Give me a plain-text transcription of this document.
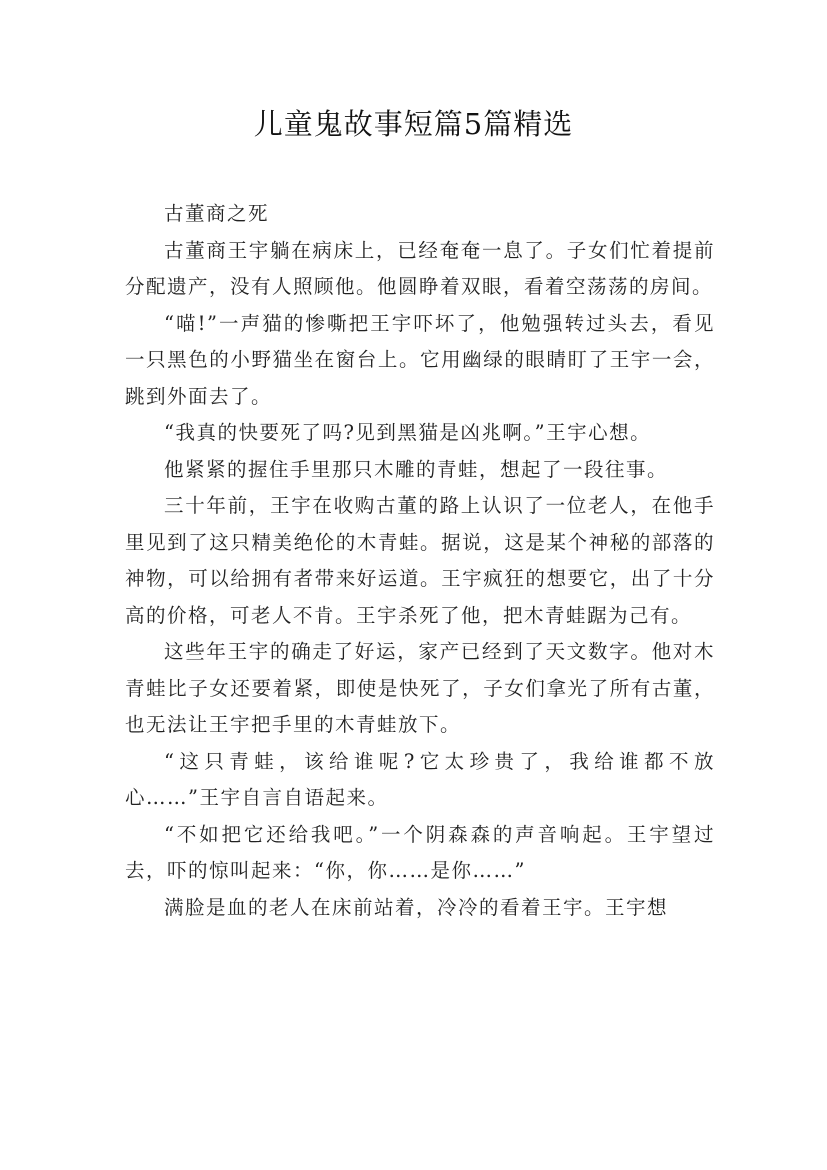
儿童鬼故事短篇5篇精选

古董商之死

古董商王宇躺在病床上，已经奄奄一息了。子女们忙着提前分配遗产，没有人照顾他。他圆睁着双眼，看着空荡荡的房间。

“喵!”一声猫的惨嘶把王宇吓坏了，他勉强转过头去，看见一只黑色的小野猫坐在窗台上。它用幽绿的眼睛盯了王宇一会，跳到外面去了。

“我真的快要死了吗?见到黑猫是凶兆啊。”王宇心想。

他紧紧的握住手里那只木雕的青蛙，想起了一段往事。

三十年前，王宇在收购古董的路上认识了一位老人，在他手里见到了这只精美绝伦的木青蛙。据说，这是某个神秘的部落的神物，可以给拥有者带来好运道。王宇疯狂的想要它，出了十分高的价格，可老人不肯。王宇杀死了他，把木青蛙踞为己有。

这些年王宇的确走了好运，家产已经到了天文数字。他对木青蛙比子女还要着紧，即使是快死了，子女们拿光了所有古董，也无法让王宇把手里的木青蛙放下。

“这只青蛙，该给谁呢?它太珍贵了，我给谁都不放心……”王宇自言自语起来。

“不如把它还给我吧。”一个阴森森的声音响起。王宇望过去，吓的惊叫起来：“你，你……是你……”

满脸是血的老人在床前站着，冷冷的看着王宇。王宇想
